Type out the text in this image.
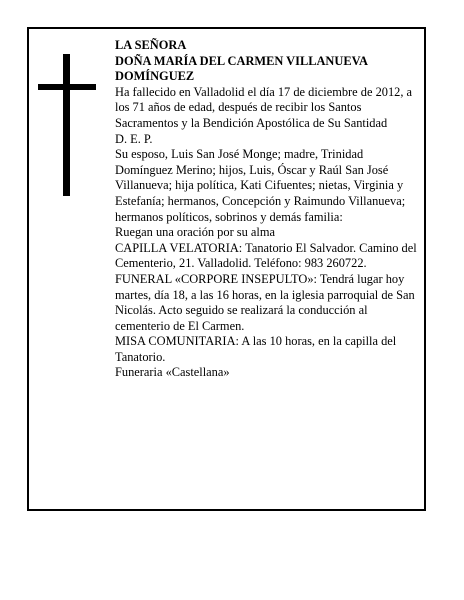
LA SEÑORA

DOÑA MARÍA DEL CARMEN VILLANUEVA DOMÍNGUEZ

Ha fallecido en Valladolid el día 17 de diciembre de 2012, a los 71 años de edad, después de recibir los Santos Sacramentos y la Bendición Apostólica de Su Santidad

D. E. P.

Su esposo, Luis San José Monge; madre, Trinidad Domínguez Merino; hijos, Luis, Óscar y Raúl San José Villanueva; hija política, Kati Cifuentes; nietas, Virginia y Estefanía; hermanos, Concepción y Raimundo Villanueva; hermanos políticos, sobrinos y demás familia:

Ruegan una oración por su alma

CAPILLA VELATORIA: Tanatorio El Salvador. Camino del Cementerio, 21. Valladolid. Teléfono: 983 260722.

FUNERAL «CORPORE INSEPULTO»: Tendrá lugar hoy martes, día 18, a las 16 horas, en la iglesia parroquial de San Nicolás. Acto seguido se realizará la conducción al cementerio de El Carmen.

MISA COMUNITARIA: A las 10 horas, en la capilla del Tanatorio.

Funeraria «Castellana»
